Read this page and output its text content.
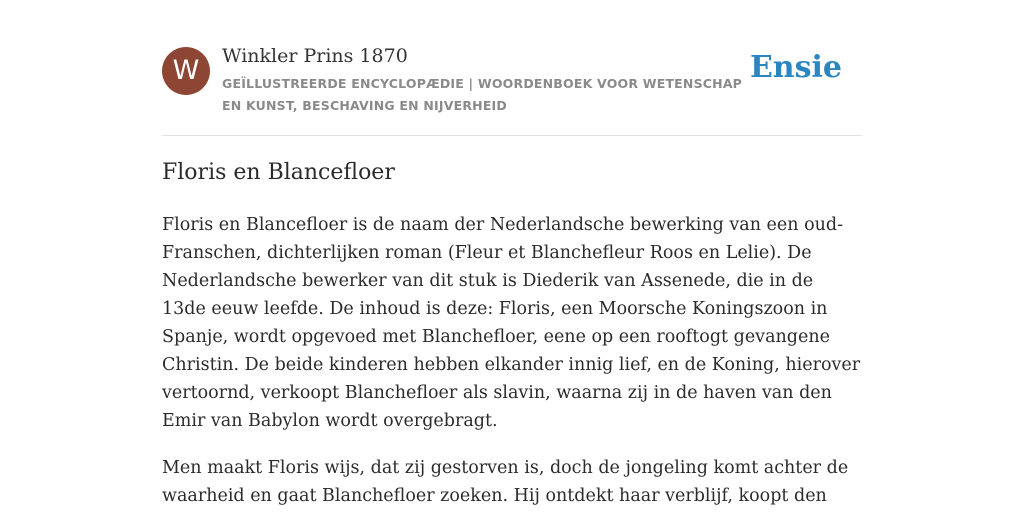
W	Winkler Prins 1870
GEÏLLUSTREERDE ENCYCLOPÆDIE | WOORDENBOEK VOOR WETENSCHAP EN KUNST, BESCHAVING EN NIJVERHEID
Ensie
Floris en Blancefloer

Floris en Blancefloer is de naam der Nederlandsche bewerking van een oud-Franschen, dichterlijken roman (Fleur et Blanchefleur Roos en Lelie). De Nederlandsche bewerker van dit stuk is Diederik van Assenede, die in de 13de eeuw leefde. De inhoud is deze: Floris, een Moorsche Koningszoon in Spanje, wordt opgevoed met Blanchefloer, eene op een rooftogt gevangene Christin. De beide kinderen hebben elkander innig lief, en de Koning, hierover vertoornd, verkoopt Blanchefloer als slavin, waarna zij in de haven van den Emir van Babylon wordt overgebragt.

Men maakt Floris wijs, dat zij gestorven is, doch de jongeling komt achter de waarheid en gaat Blanchefloer zoeken. Hij ontdekt haar verblijf, koopt den
